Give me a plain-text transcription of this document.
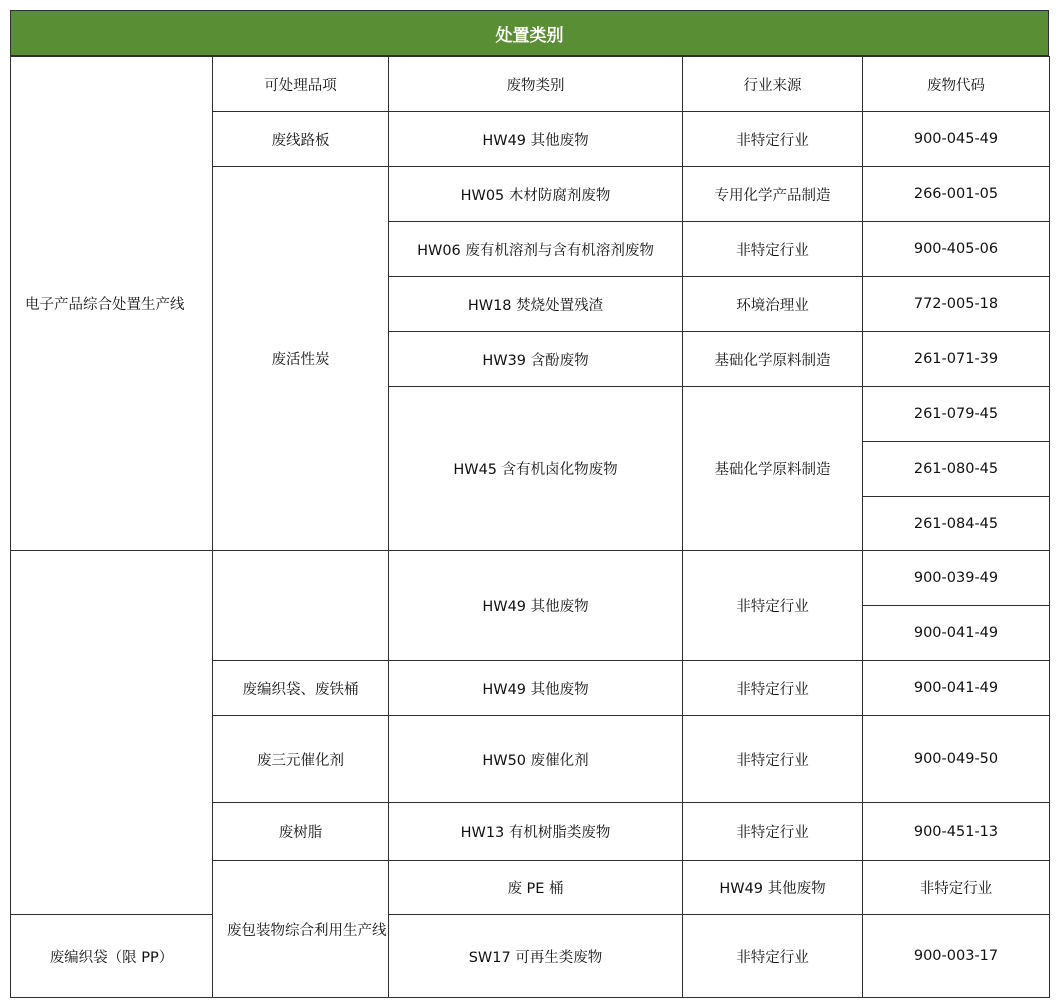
处置类别
电子产品综合处置生产线	可处理品项	废物类别	行业来源	废物代码	
	废线路板	HW49 其他废物	非特定行业	900-045-49	
	废活性炭	HW05 木材防腐剂废物	专用化学产品制造	266-001-05	
		HW06 废有机溶剂与含有机溶剂废物	非特定行业	900-405-06	
		HW18 焚烧处置残渣	环境治理业	772-005-18	
		HW39 含酚废物	基础化学原料制造	261-071-39	
		HW45 含有机卤化物废物	基础化学原料制造	261-079-45	
				261-080-45	
				261-084-45	
		HW49 其他废物	非特定行业	900-039-49	
				900-041-49	
	废编织袋、废铁桶	HW49 其他废物	非特定行业	900-041-49	
	废三元催化剂	HW50 废催化剂	非特定行业	900-049-50	
	废树脂	HW13 有机树脂类废物	非特定行业	900-451-13	
	废包装物综合利用生产线	废 PE 桶	HW49 其他废物	非特定行业	
废编织袋（限 PP）		SW17 可再生类废物	非特定行业	900-003-17	
